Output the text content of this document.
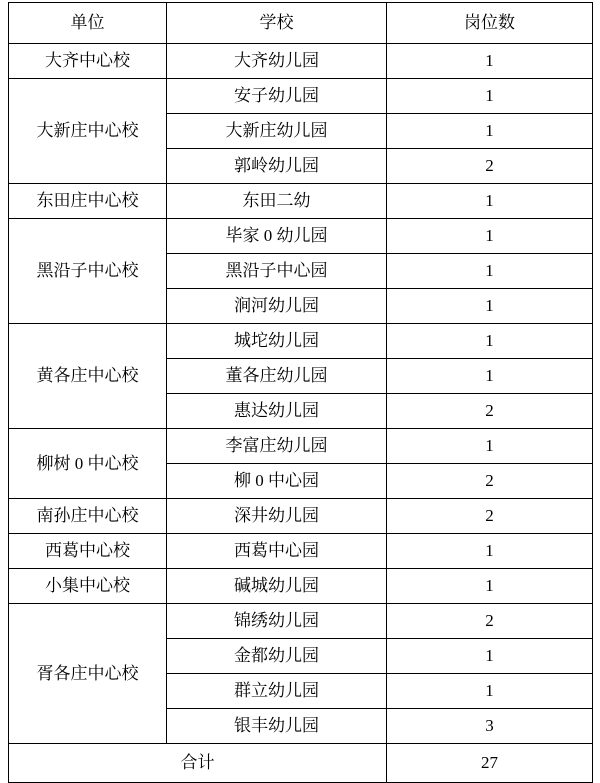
单位	学校	岗位数
大齐中心校	大齐幼儿园	1
大新庄中心校	安子幼儿园	1
	大新庄幼儿园	1
	郭岭幼儿园	2
东田庄中心校	东田二幼	1
黑沿子中心校	毕家 0 幼儿园	1
	黑沿子中心园	1
	涧河幼儿园	1
黄各庄中心校	城坨幼儿园	1
	董各庄幼儿园	1
	惠达幼儿园	2
柳树 0 中心校	李富庄幼儿园	1
	柳 0 中心园	2
南孙庄中心校	深井幼儿园	2
西葛中心校	西葛中心园	1
小集中心校	碱城幼儿园	1
胥各庄中心校	锦绣幼儿园	2
	金都幼儿园	1
	群立幼儿园	1
	银丰幼儿园	3
合计		27
